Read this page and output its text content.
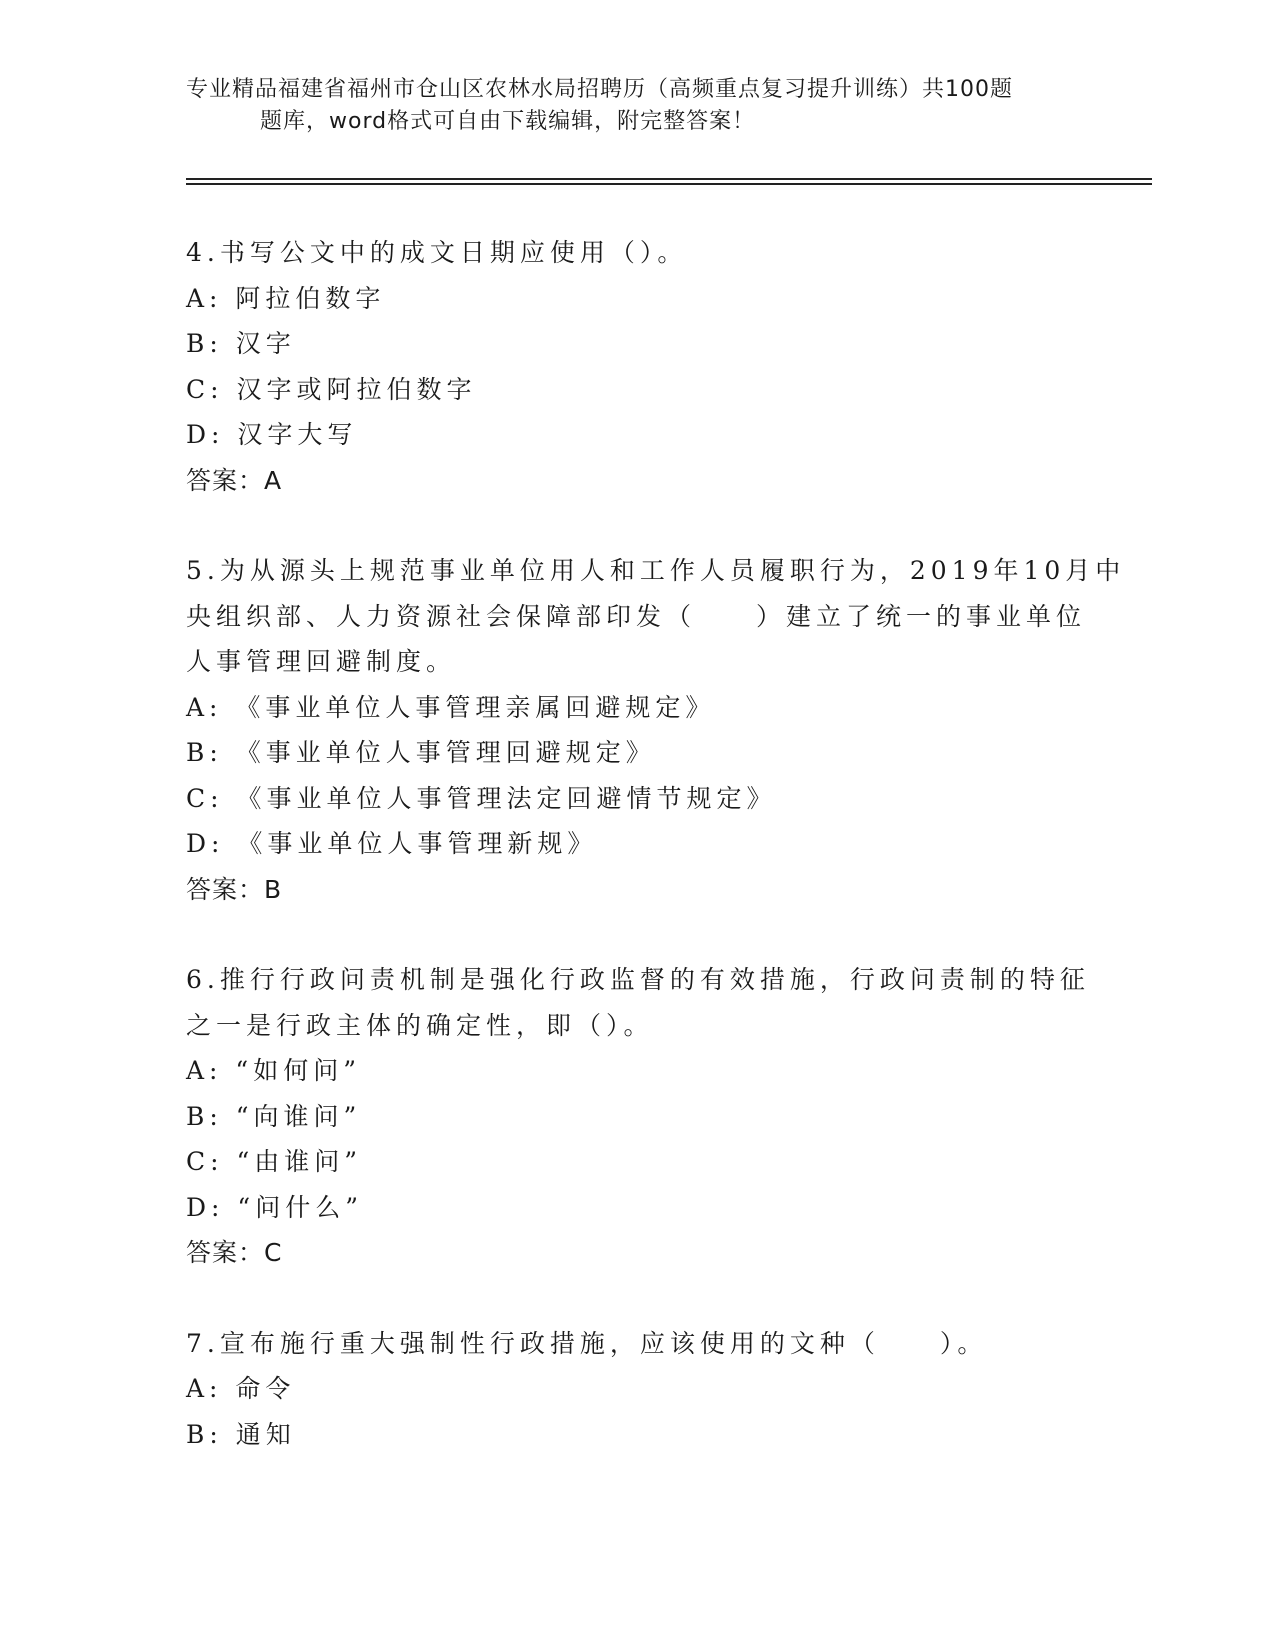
专业精品福建省福州市仓山区农林水局招聘历（高频重点复习提升训练）共100题
题库，word格式可自由下载编辑，附完整答案！
4.书写公文中的成文日期应使用（）。
A: 阿拉伯数字
B: 汉字
C: 汉字或阿拉伯数字
D: 汉字大写
答案：A
5.为从源头上规范事业单位用人和工作人员履职行为，2019年10月中
央组织部、人力资源社会保障部印发（　　）建立了统一的事业单位
人事管理回避制度。
A: 《事业单位人事管理亲属回避规定》
B: 《事业单位人事管理回避规定》
C: 《事业单位人事管理法定回避情节规定》
D: 《事业单位人事管理新规》
答案：B
6.推行行政问责机制是强化行政监督的有效措施，行政问责制的特征
之一是行政主体的确定性，即（）。
A: “如何问”
B: “向谁问”
C: “由谁问”
D: “问什么”
答案：C
7.宣布施行重大强制性行政措施，应该使用的文种（　　）。
A: 命令
B: 通知
